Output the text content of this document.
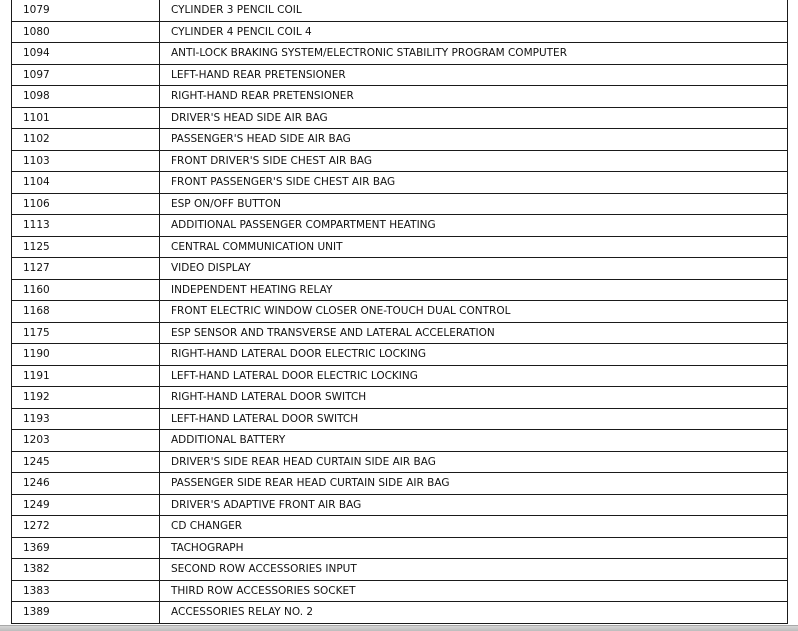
1079	CYLINDER 3 PENCIL COIL
1080	CYLINDER 4 PENCIL COIL 4
1094	ANTI-LOCK BRAKING SYSTEM/ELECTRONIC STABILITY PROGRAM COMPUTER
1097	LEFT-HAND REAR PRETENSIONER
1098	RIGHT-HAND REAR PRETENSIONER
1101	DRIVER'S HEAD SIDE AIR BAG
1102	PASSENGER'S HEAD SIDE AIR BAG
1103	FRONT DRIVER'S SIDE CHEST AIR BAG
1104	FRONT PASSENGER'S SIDE CHEST AIR BAG
1106	ESP ON/OFF BUTTON
1113	ADDITIONAL PASSENGER COMPARTMENT HEATING
1125	CENTRAL COMMUNICATION UNIT
1127	VIDEO DISPLAY
1160	INDEPENDENT HEATING RELAY
1168	FRONT ELECTRIC WINDOW CLOSER ONE-TOUCH DUAL CONTROL
1175	ESP SENSOR AND TRANSVERSE AND LATERAL ACCELERATION
1190	RIGHT-HAND LATERAL DOOR ELECTRIC LOCKING
1191	LEFT-HAND LATERAL DOOR ELECTRIC LOCKING
1192	RIGHT-HAND LATERAL DOOR SWITCH
1193	LEFT-HAND LATERAL DOOR SWITCH
1203	ADDITIONAL BATTERY
1245	DRIVER'S SIDE REAR HEAD CURTAIN SIDE AIR BAG
1246	PASSENGER SIDE REAR HEAD CURTAIN SIDE AIR BAG
1249	DRIVER'S ADAPTIVE FRONT AIR BAG
1272	CD CHANGER
1369	TACHOGRAPH
1382	SECOND ROW ACCESSORIES INPUT
1383	THIRD ROW ACCESSORIES SOCKET
1389	ACCESSORIES RELAY NO. 2
